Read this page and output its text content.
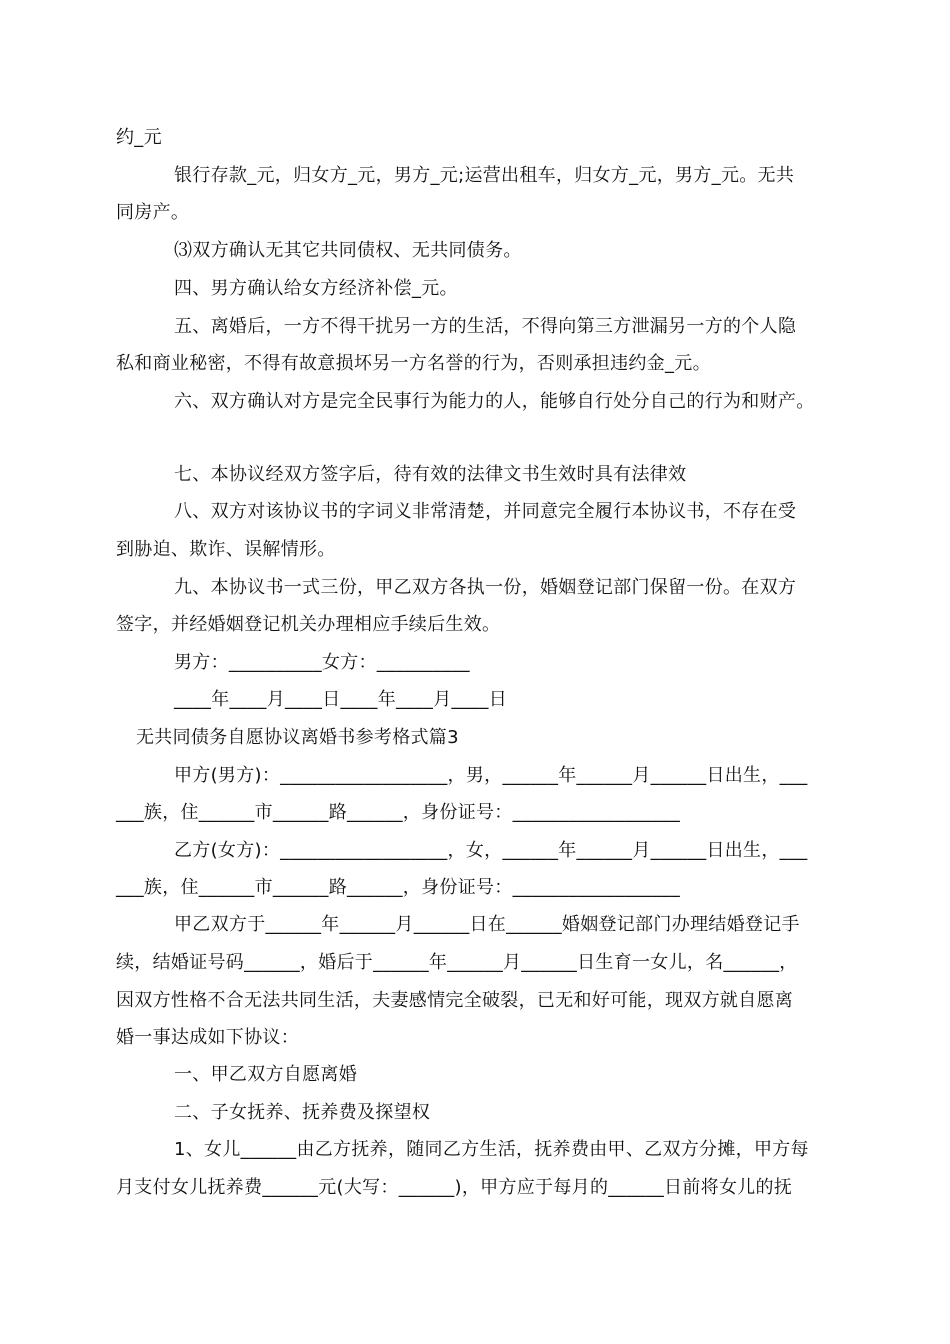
约_元
银行存款_元，归女方_元，男方_元;运营出租车，归女方_元，男方_元。无共
同房产。
⑶双方确认无其它共同债权、无共同债务。
四、男方确认给女方经济补偿_元。
五、离婚后，一方不得干扰另一方的生活，不得向第三方泄漏另一方的个人隐
私和商业秘密，不得有故意损坏另一方名誉的行为，否则承担违约金_元。
六、双方确认对方是完全民事行为能力的人，能够自行处分自己的行为和财产。
七、本协议经双方签字后，待有效的法律文书生效时具有法律效
八、双方对该协议书的字词义非常清楚，并同意完全履行本协议书，不存在受
到胁迫、欺诈、误解情形。
九、本协议书一式三份，甲乙双方各执一份，婚姻登记部门保留一份。在双方
签字，并经婚姻登记机关办理相应手续后生效。
男方：__________女方：__________
____年____月____日____年____月____日
无共同债务自愿协议离婚书参考格式篇3
甲方(男方)：__________________，男，______年______月______日出生，___
___族，住______市______路______，身份证号：__________________
乙方(女方)：__________________，女，______年______月______日出生，___
___族，住______市______路______，身份证号：__________________
甲乙双方于______年______月______日在______婚姻登记部门办理结婚登记手
续，结婚证号码______，婚后于______年______月______日生育一女儿，名______，
因双方性格不合无法共同生活，夫妻感情完全破裂，已无和好可能，现双方就自愿离
婚一事达成如下协议：
一、甲乙双方自愿离婚
二、子女抚养、抚养费及探望权
1、女儿______由乙方抚养，随同乙方生活，抚养费由甲、乙双方分摊，甲方每
月支付女儿抚养费______元(大写：______)，甲方应于每月的______日前将女儿的抚
